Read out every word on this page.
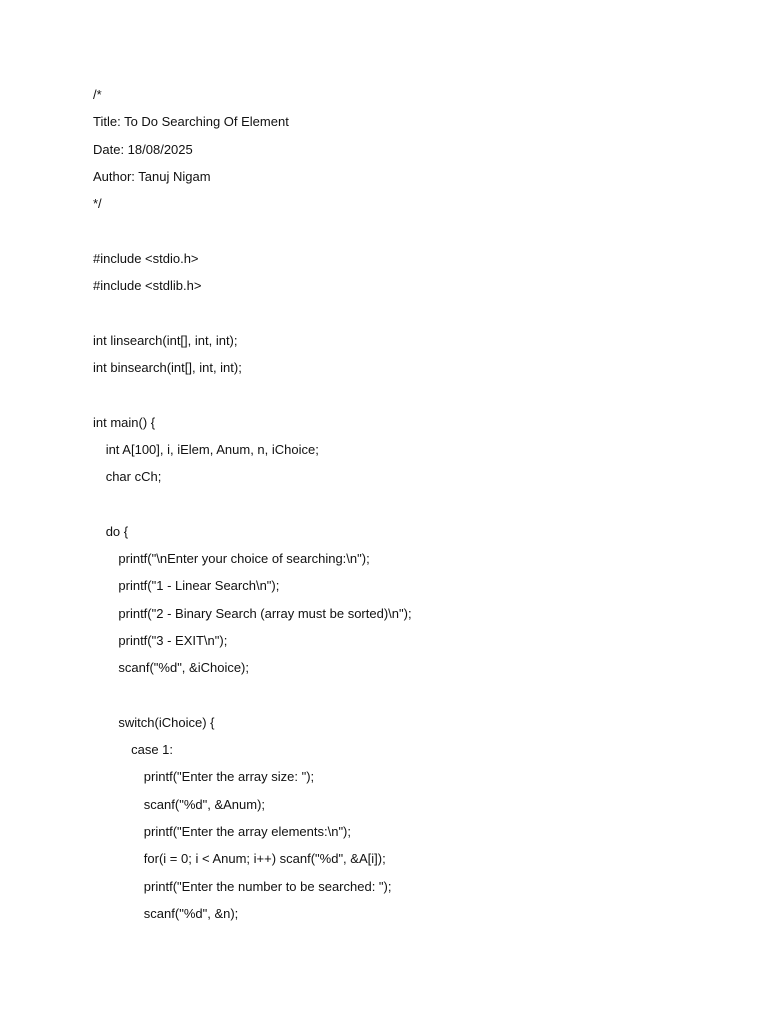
/*
Title: To Do Searching Of Element
Date: 18/08/2025
Author: Tanuj Nigam
*/
#include <stdio.h>
#include <stdlib.h>
int linsearch(int[], int, int);
int binsearch(int[], int, int);
int main() {
int A[100], i, iElem, Anum, n, iChoice;
char cCh;
do {
printf("\nEnter your choice of searching:\n");
printf("1 - Linear Search\n");
printf("2 - Binary Search (array must be sorted)\n");
printf("3 - EXIT\n");
scanf("%d", &iChoice);
switch(iChoice) {
case 1:
printf("Enter the array size: ");
scanf("%d", &Anum);
printf("Enter the array elements:\n");
for(i = 0; i < Anum; i++) scanf("%d", &A[i]);
printf("Enter the number to be searched: ");
scanf("%d", &n);
